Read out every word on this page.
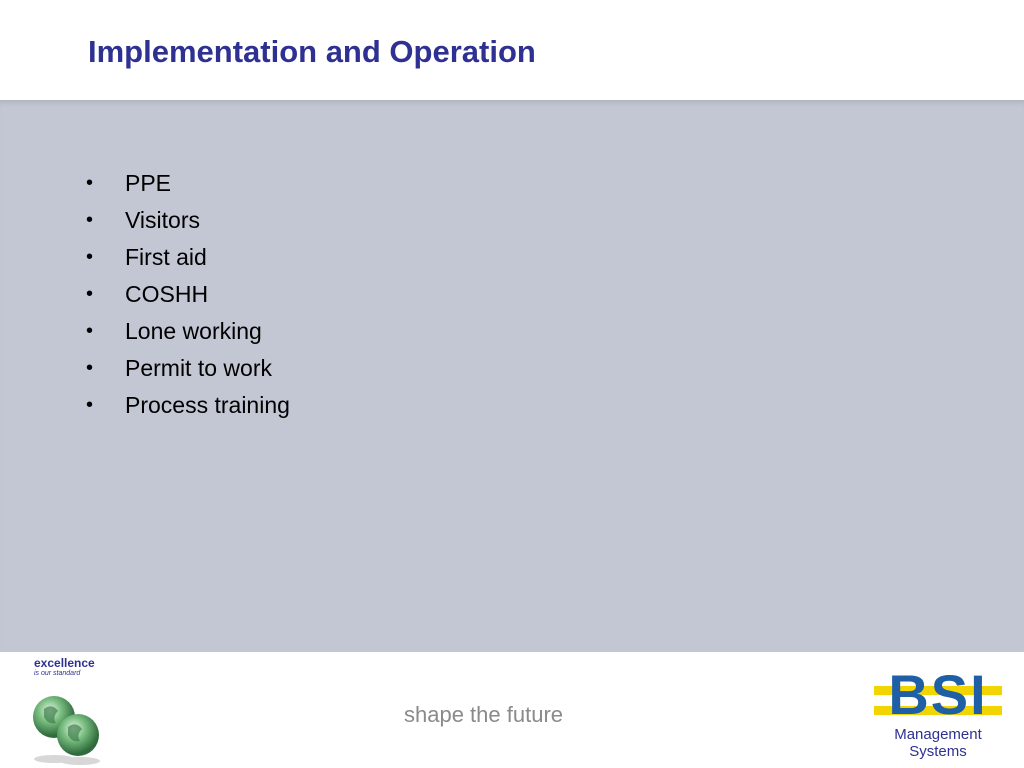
Implementation and Operation
•	PPE
•	Visitors
•	First aid
•	COSHH
•	Lone working
•	Permit to work
•	Process training
excellence
is our standard
shape the future	BSI
Management
Systems
